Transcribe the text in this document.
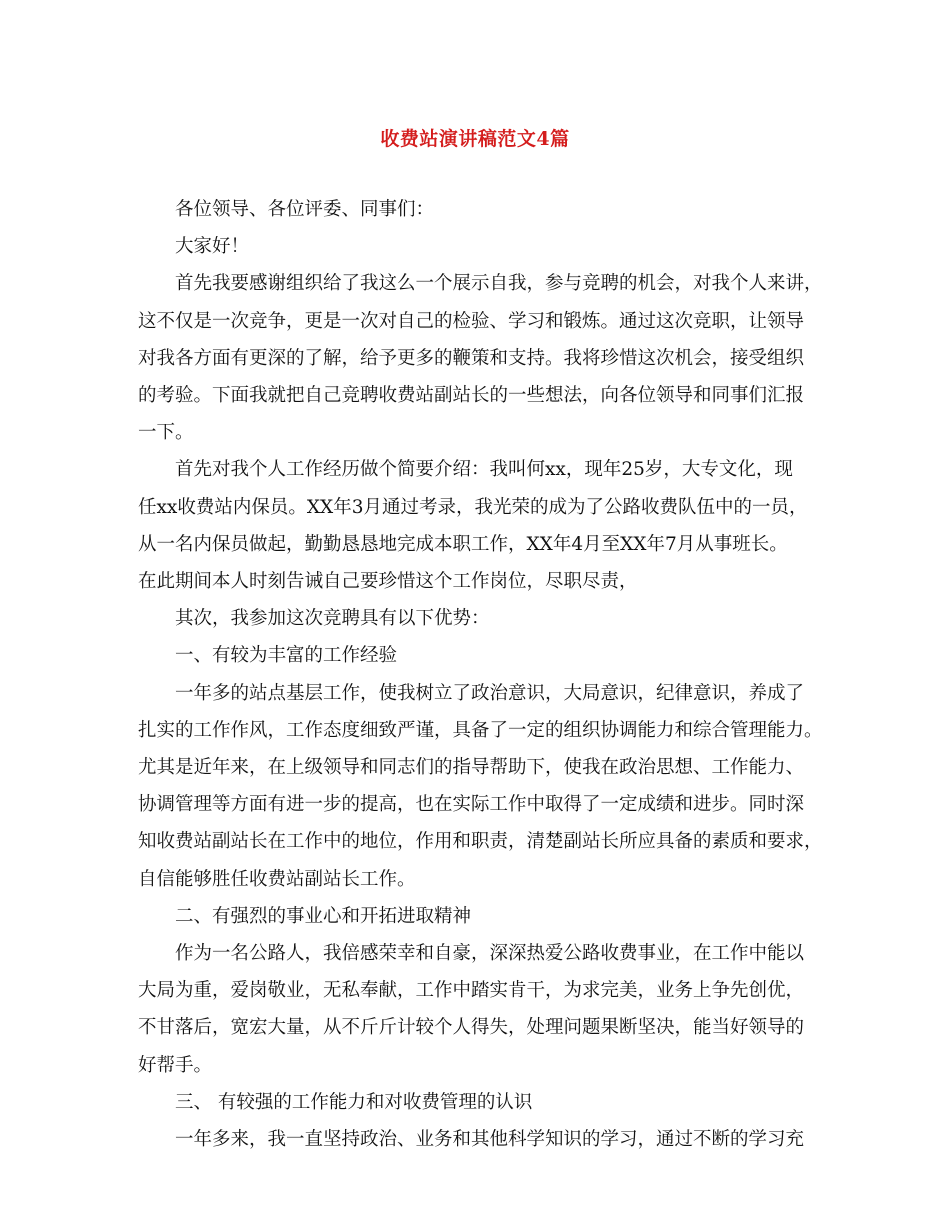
收费站演讲稿范文4篇
各位领导、各位评委、同事们：
大家好！
首先我要感谢组织给了我这么一个展示自我，参与竞聘的机会，对我个人来讲，
这不仅是一次竞争，更是一次对自己的检验、学习和锻炼。通过这次竞职，让领导
对我各方面有更深的了解，给予更多的鞭策和支持。我将珍惜这次机会，接受组织
的考验。下面我就把自己竞聘收费站副站长的一些想法，向各位领导和同事们汇报
一下。
首先对我个人工作经历做个简要介绍：我叫何xx，现年25岁，大专文化，现
任xx收费站内保员。XX年3月通过考录，我光荣的成为了公路收费队伍中的一员，
从一名内保员做起，勤勤恳恳地完成本职工作，XX年4月至XX年7月从事班长。
在此期间本人时刻告诫自己要珍惜这个工作岗位，尽职尽责，
其次，我参加这次竞聘具有以下优势：
一、有较为丰富的工作经验
一年多的站点基层工作，使我树立了政治意识，大局意识，纪律意识，养成了
扎实的工作作风，工作态度细致严谨，具备了一定的组织协调能力和综合管理能力。
尤其是近年来，在上级领导和同志们的指导帮助下，使我在政治思想、工作能力、
协调管理等方面有进一步的提高，也在实际工作中取得了一定成绩和进步。同时深
知收费站副站长在工作中的地位，作用和职责，清楚副站长所应具备的素质和要求，
自信能够胜任收费站副站长工作。
二、有强烈的事业心和开拓进取精神
作为一名公路人，我倍感荣幸和自豪，深深热爱公路收费事业，在工作中能以
大局为重，爱岗敬业，无私奉献，工作中踏实肯干，为求完美，业务上争先创优，
不甘落后，宽宏大量，从不斤斤计较个人得失，处理问题果断坚决，能当好领导的
好帮手。
三、 有较强的工作能力和对收费管理的认识
一年多来，我一直坚持政治、业务和其他科学知识的学习，通过不断的学习充
